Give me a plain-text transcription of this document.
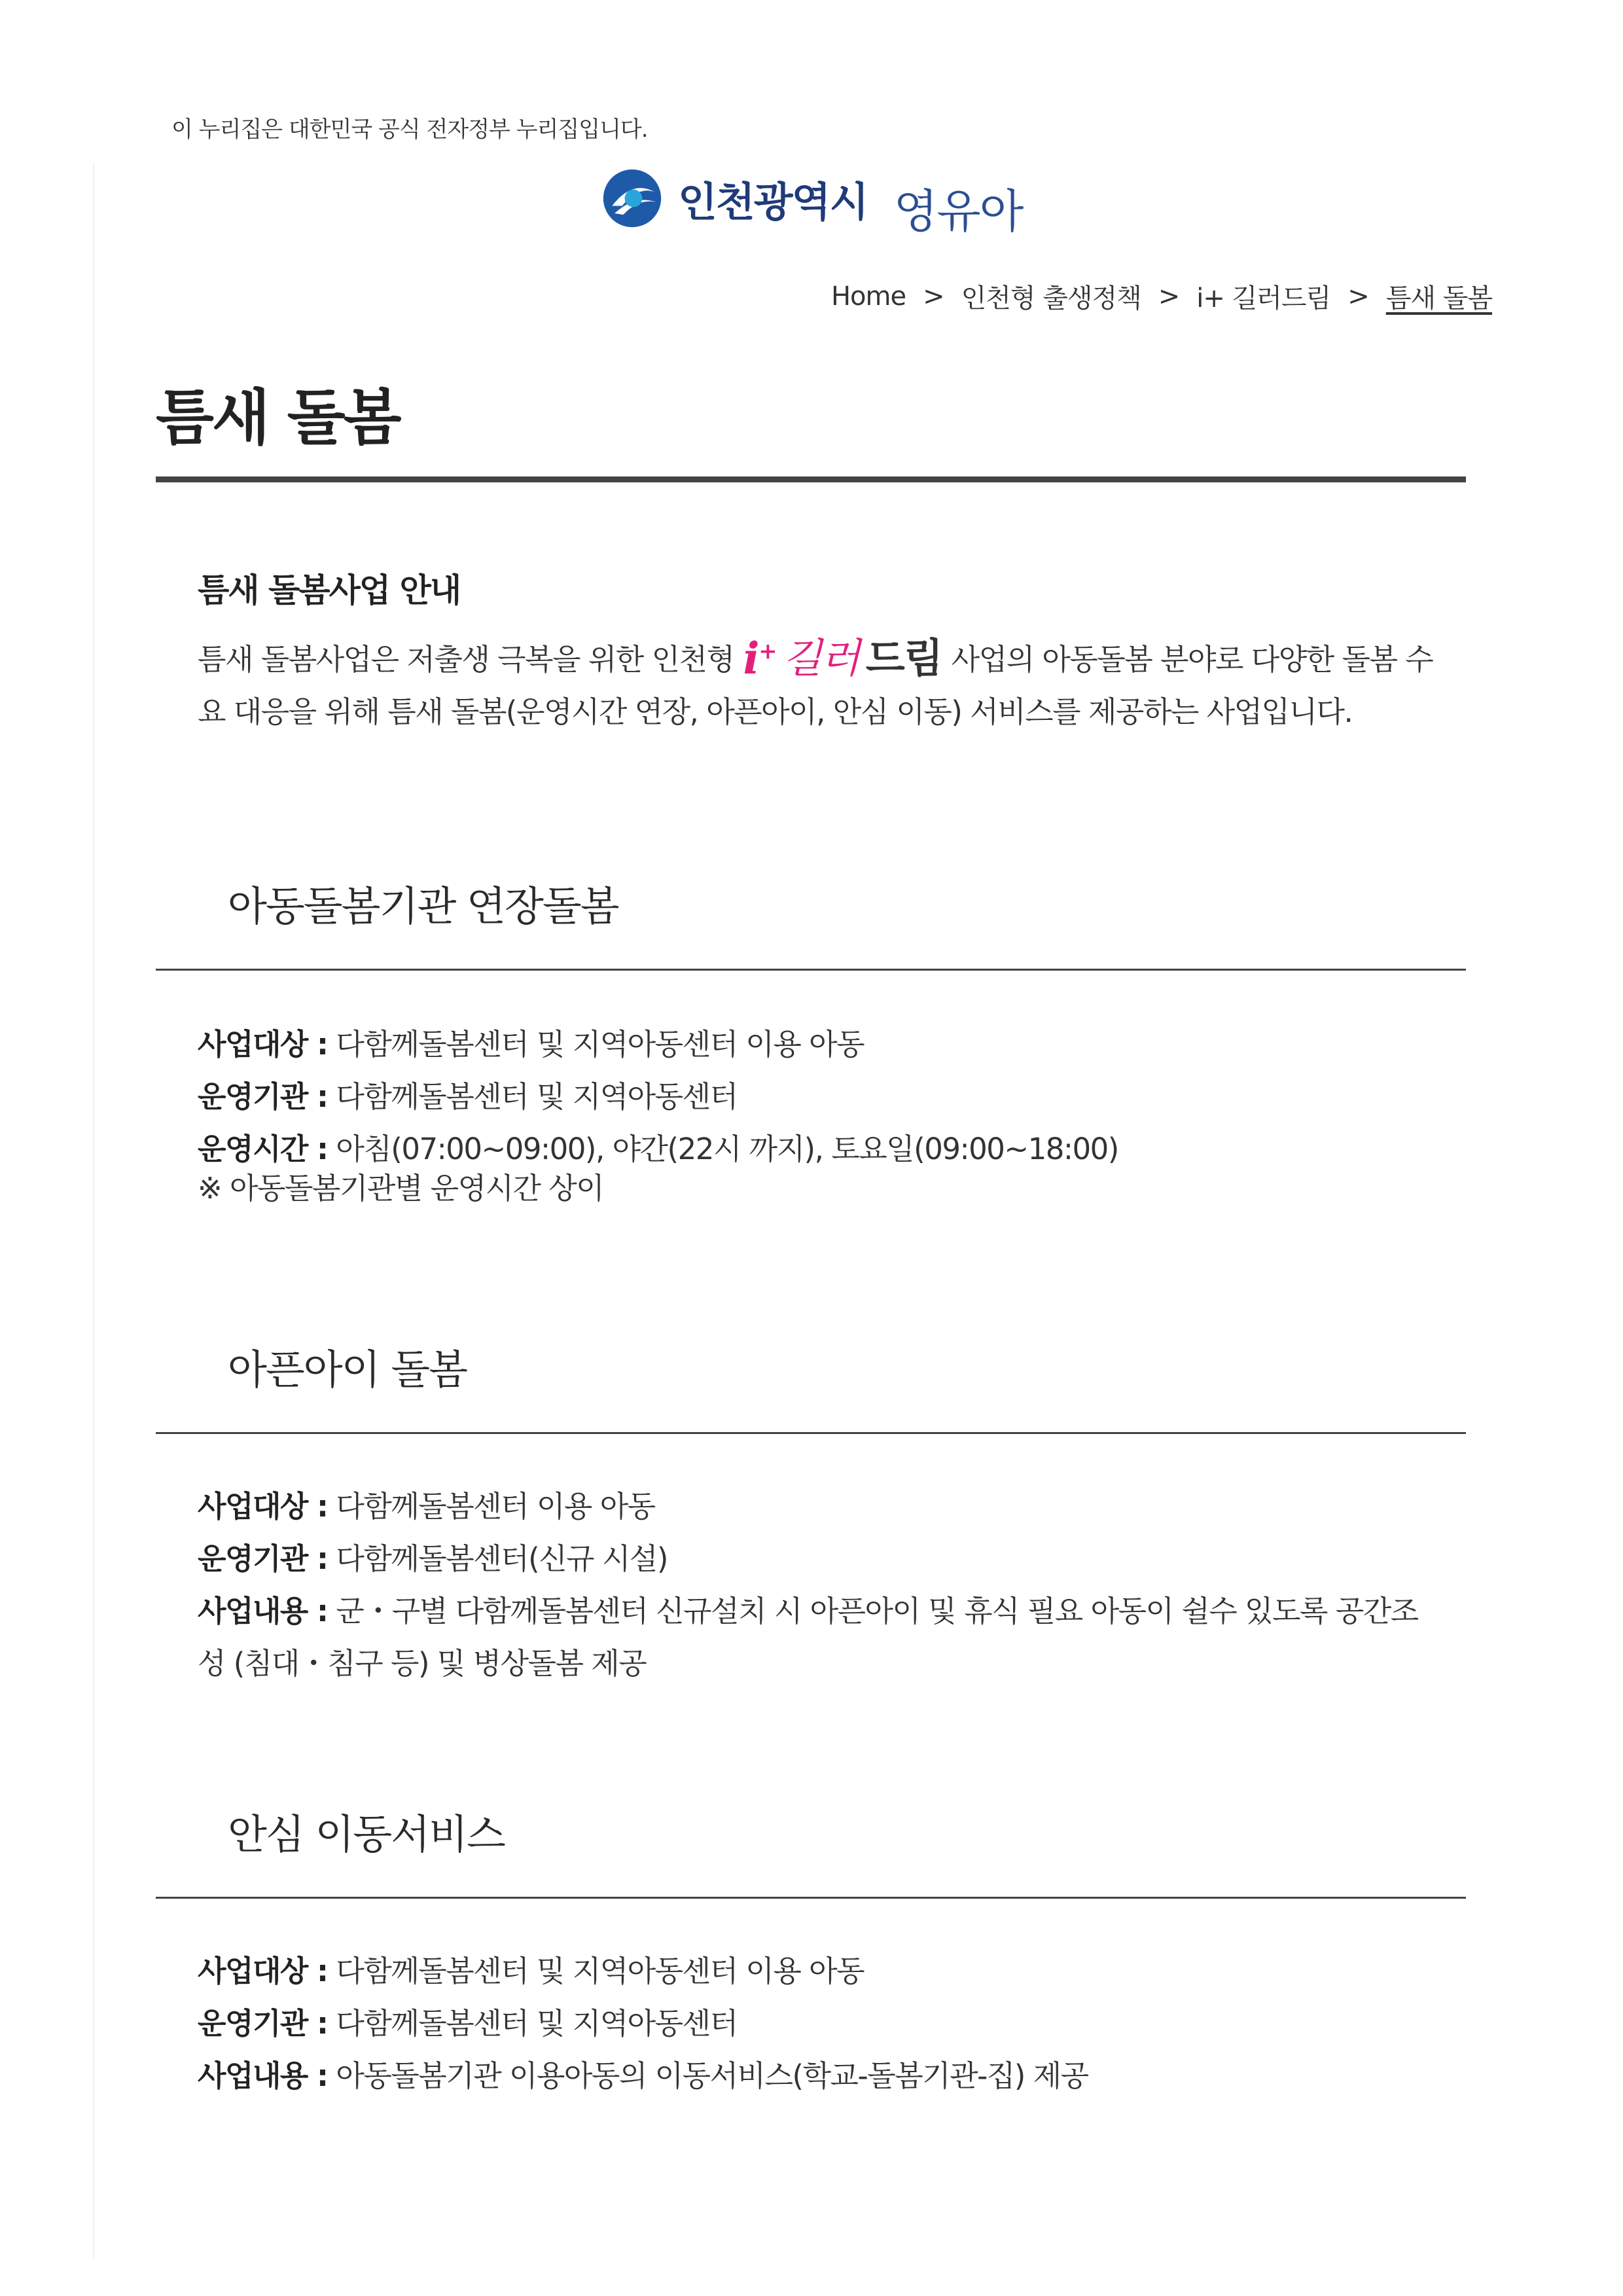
이 누리집은 대한민국 공식 전자정부 누리집입니다.
인천광역시 영유아
Home > 인천형 출생정책 > i+ 길러드림 > 틈새 돌봄
틈새 돌봄
틈새 돌봄사업 안내
틈새 돌봄사업은 저출생 극복을 위한 인천형 i+ 길러 드림 사업의 아동돌봄 분야로 다양한 돌봄 수요 대응을 위해 틈새 돌봄(운영시간 연장, 아픈아이, 안심 이동) 서비스를 제공하는 사업입니다.
아동돌봄기관 연장돌봄
사업대상 : 다함께돌봄센터 및 지역아동센터 이용 아동
운영기관 : 다함께돌봄센터 및 지역아동센터
운영시간 : 아침(07:00~09:00), 야간(22시 까지), 토요일(09:00~18:00)
※ 아동돌봄기관별 운영시간 상이
아픈아이 돌봄
사업대상 : 다함께돌봄센터 이용 아동
운영기관 : 다함께돌봄센터(신규 시설)
사업내용 : 군・구별 다함께돌봄센터 신규설치 시 아픈아이 및 휴식 필요 아동이 쉴수 있도록 공간조성 (침대・침구 등) 및 병상돌봄 제공
안심 이동서비스
사업대상 : 다함께돌봄센터 및 지역아동센터 이용 아동
운영기관 : 다함께돌봄센터 및 지역아동센터
사업내용 : 아동돌봄기관 이용아동의 이동서비스(학교-돌봄기관-집) 제공
